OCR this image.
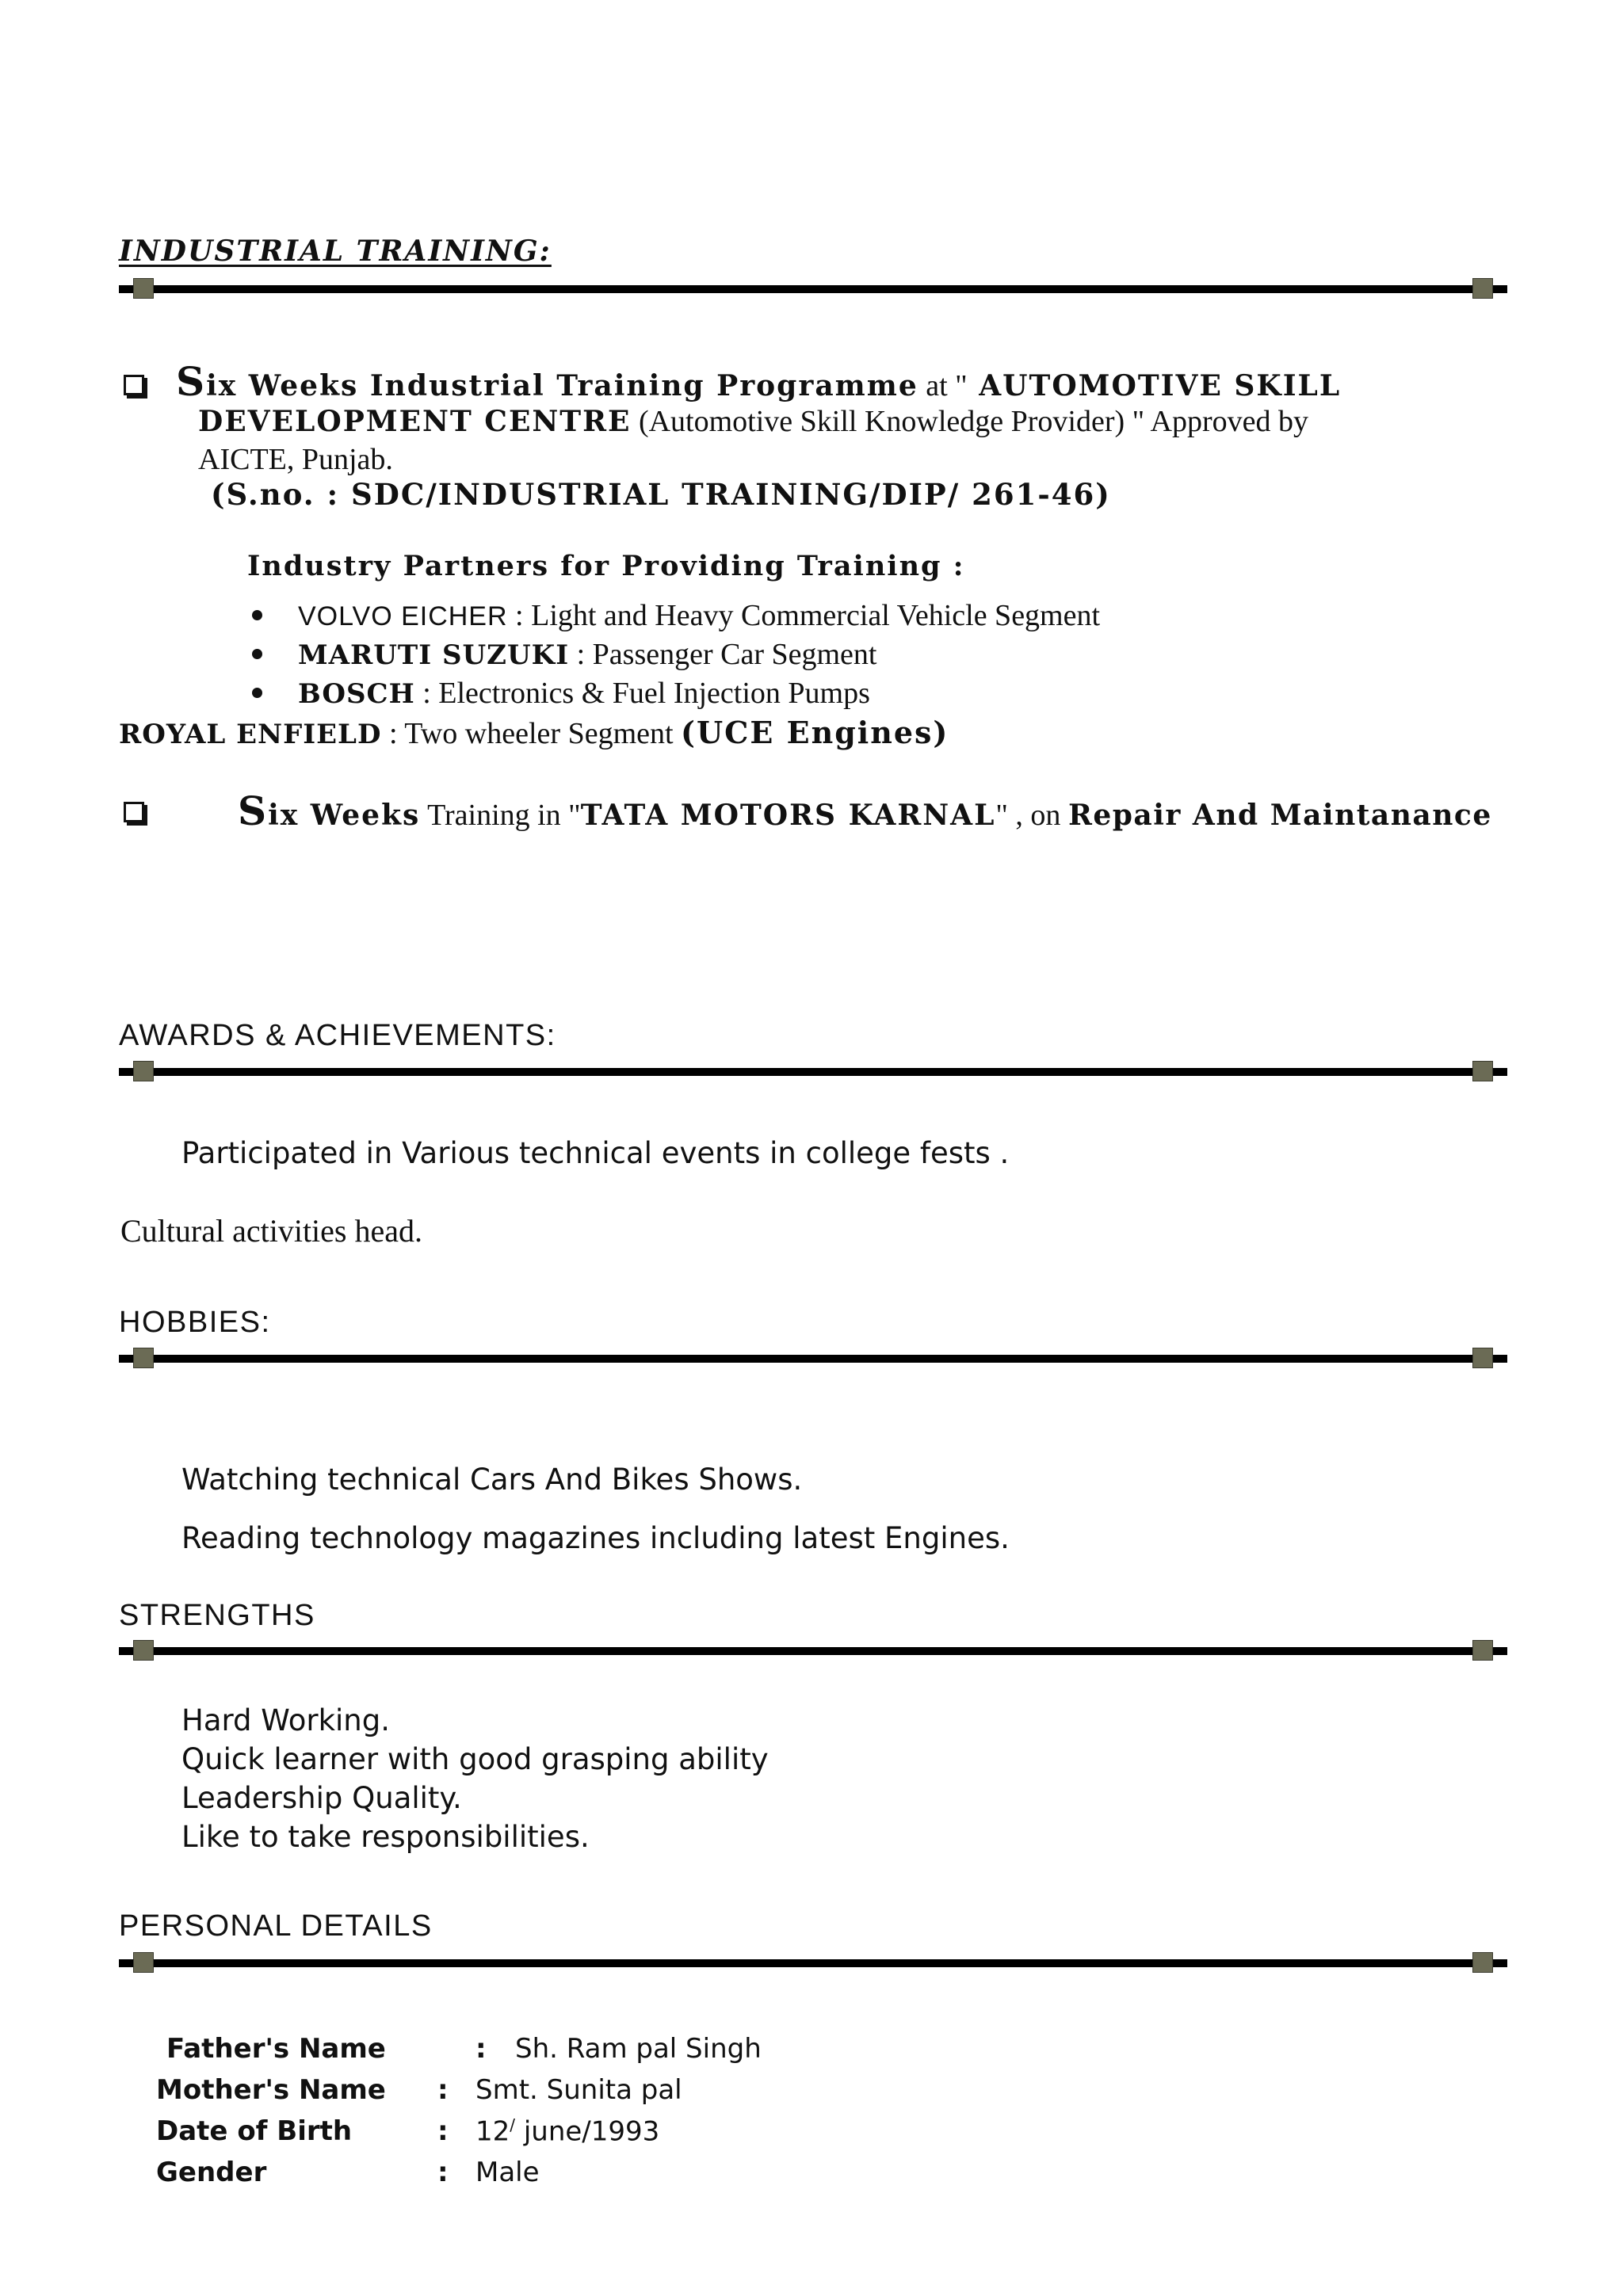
INDUSTRIAL TRAINING:

Six Weeks Industrial Training Programme at " AUTOMOTIVE SKILL

DEVELOPMENT CENTRE (Automotive Skill Knowledge Provider) " Approved by

AICTE, Punjab.

(S.no. : SDC/INDUSTRIAL TRAINING/DIP/ 261-46)

Industry Partners for Providing Training :

VOLVO EICHER : Light and Heavy Commercial Vehicle Segment

MARUTI SUZUKI : Passenger Car Segment

BOSCH : Electronics & Fuel Injection Pumps

ROYAL ENFIELD : Two wheeler Segment (UCE Engines)

Six Weeks Training in "TATA MOTORS KARNAL" , on Repair And Maintanance

AWARDS & ACHIEVEMENTS:

Participated in Various technical events in college fests .

Cultural activities head.

HOBBIES:

Watching technical Cars And Bikes Shows.

Reading technology magazines including latest Engines.

STRENGTHS

Hard Working.

Quick learner with good grasping ability

Leadership Quality.

Like to take responsibilities.

PERSONAL DETAILS

Father's Name	: Sh. Ram pal Singh

Mother's Name : Smt. Sunita pal

Date of Birth	: 12/ june/1993

Gender	: Male
